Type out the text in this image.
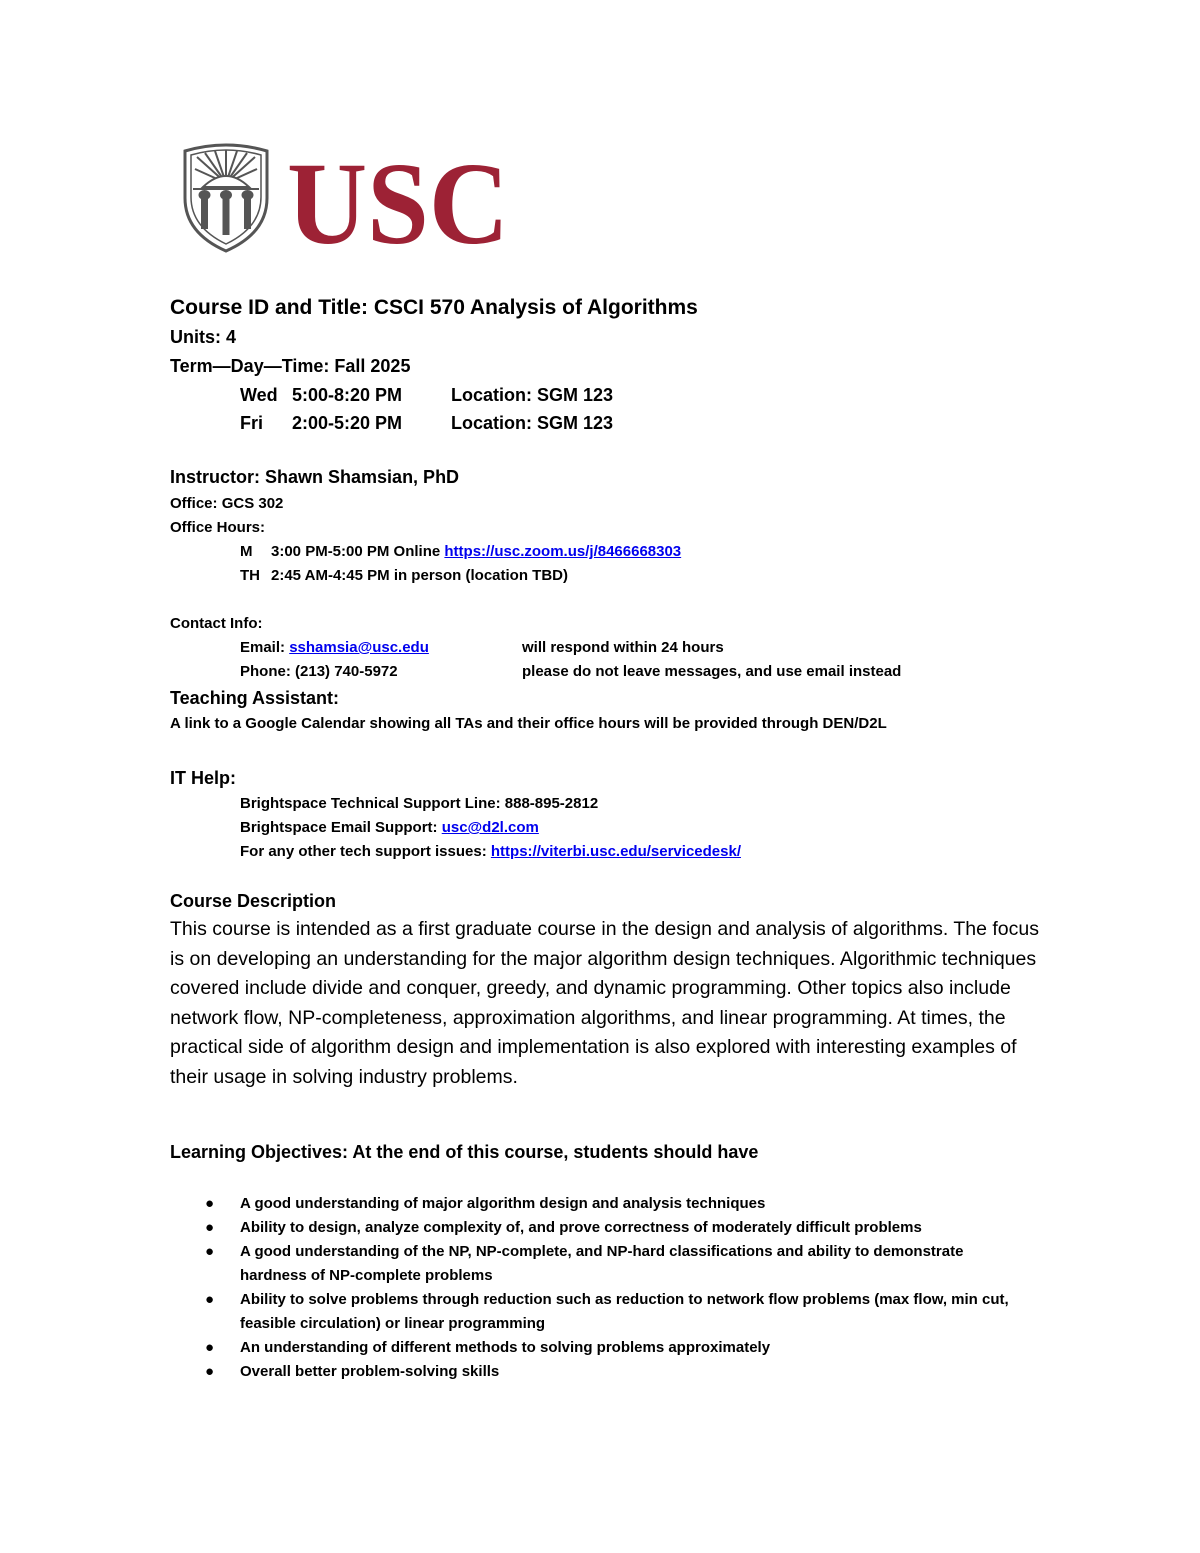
USC

Course ID and Title: CSCI 570 Analysis of Algorithms

Units: 4

Term—Day—Time: Fall 2025

Wed 5:00-8:20 PM	Location: SGM 123
Fri	2:00-5:20 PM	Location: SGM 123

Instructor: Shawn Shamsian, PhD

Office: GCS 302

Office Hours:

M	3:00 PM-5:00 PM Online https://usc.zoom.us/j/8466668303
TH 2:45 AM-4:45 PM in person (location TBD)

Contact Info:

Email: sshamsia@usc.edu	will respond within 24 hours
Phone: (213) 740-5972	please do not leave messages, and use email instead

Teaching Assistant:

A link to a Google Calendar showing all TAs and their office hours will be provided through DEN/D2L

IT Help:

Brightspace Technical Support Line: 888-895-2812

Brightspace Email Support: usc@d2l.com

For any other tech support issues: https://viterbi.usc.edu/servicedesk/

Course Description

This course is intended as a first graduate course in the design and analysis of algorithms. The focus is on developing an understanding for the major algorithm design techniques. Algorithmic techniques covered include divide and conquer, greedy, and dynamic programming. Other topics also include network flow, NP-completeness, approximation algorithms, and linear programming. At times, the practical side of algorithm design and implementation is also explored with interesting examples of their usage in solving industry problems.

Learning Objectives: At the end of this course, students should have

● A good understanding of major algorithm design and analysis techniques
● Ability to design, analyze complexity of, and prove correctness of moderately difficult problems
● A good understanding of the NP, NP-complete, and NP-hard classifications and ability to demonstrate hardness of NP-complete problems
● Ability to solve problems through reduction such as reduction to network flow problems (max flow, min cut, feasible circulation) or linear programming
● An understanding of different methods to solving problems approximately
● Overall better problem-solving skills
